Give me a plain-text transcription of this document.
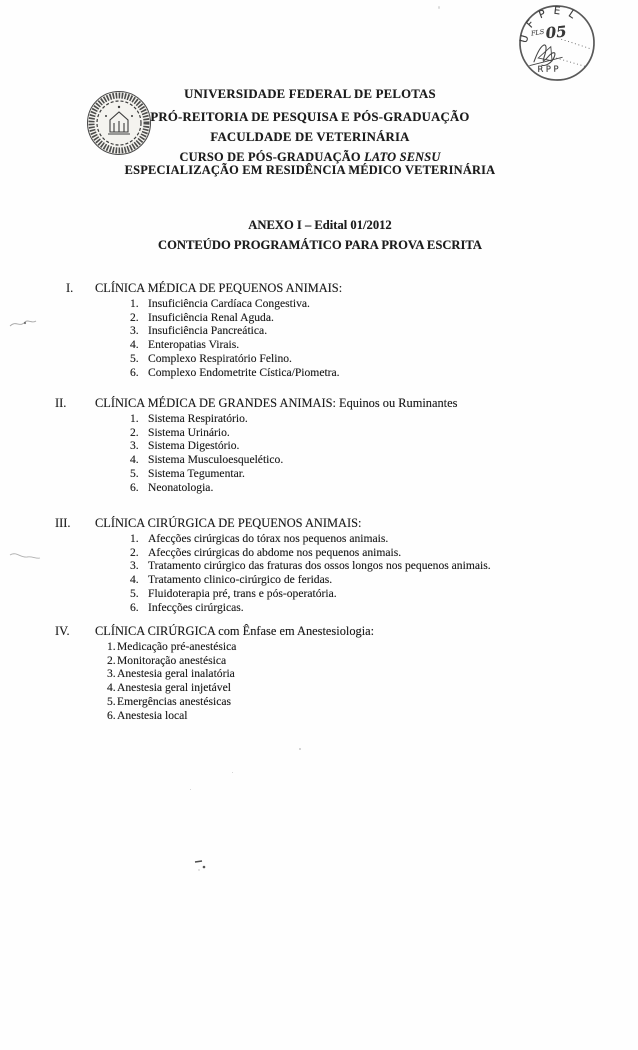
UFPEL
FLS 05
RPP
UNIVERSIDADE FEDERAL DE PELOTAS
PRÓ-REITORIA DE PESQUISA E PÓS-GRADUAÇÃO
FACULDADE DE VETERINÁRIA
CURSO DE PÓS-GRADUAÇÃO LATO SENSU
ESPECIALIZAÇÃO EM RESIDÊNCIA MÉDICO VETERINÁRIA
ANEXO I – Edital 01/2012
CONTEÚDO PROGRAMÁTICO PARA PROVA ESCRITA
I.	CLÍNICA MÉDICA DE PEQUENOS ANIMAIS:
1. Insuficiência Cardíaca Congestiva.
2. Insuficiência Renal Aguda.
3. Insuficiência Pancreática.
4. Enteropatias Virais.
5. Complexo Respiratório Felino.
6. Complexo Endometrite Cística/Piometra.
II.	CLÍNICA MÉDICA DE GRANDES ANIMAIS: Equinos ou Ruminantes
1. Sistema Respiratório.
2. Sistema Urinário.
3. Sistema Digestório.
4. Sistema Musculoesquelético.
5. Sistema Tegumentar.
6. Neonatologia.
III.	CLÍNICA CIRÚRGICA DE PEQUENOS ANIMAIS:
1. Afecções cirúrgicas do tórax nos pequenos animais.
2. Afecções cirúrgicas do abdome nos pequenos animais.
3. Tratamento cirúrgico das fraturas dos ossos longos nos pequenos animais.
4. Tratamento clinico-cirúrgico de feridas.
5. Fluidoterapia pré, trans e pós-operatória.
6. Infecções cirúrgicas.
IV.	CLÍNICA CIRÚRGICA com Ênfase em Anestesiologia:
1. Medicação pré-anestésica
2. Monitoração anestésica
3. Anestesia geral inalatória
4. Anestesia geral injetável
5. Emergências anestésicas
6. Anestesia local
